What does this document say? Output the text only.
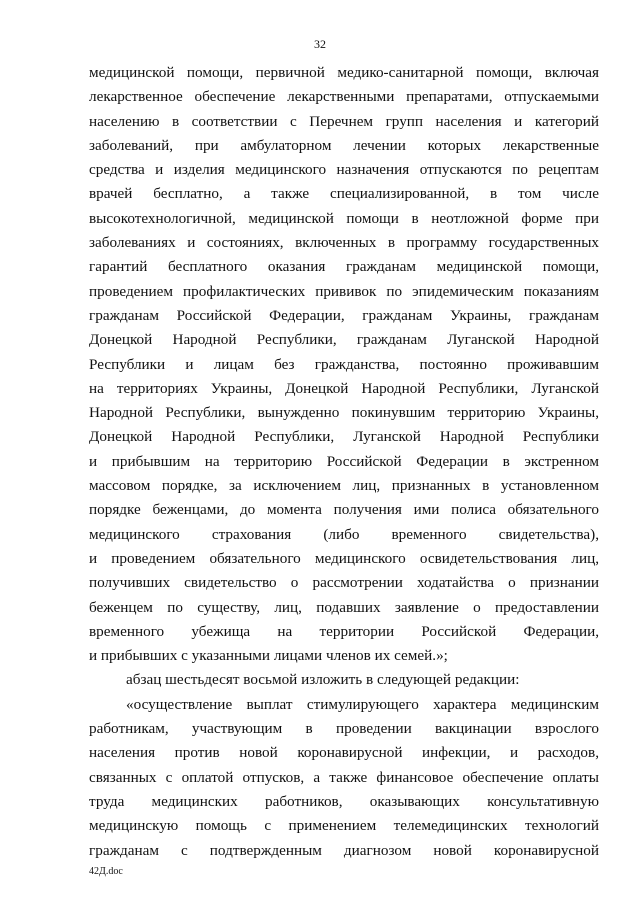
32
медицинской помощи, первичной медико-санитарной помощи, включая
лекарственное обеспечение лекарственными препаратами, отпускаемыми
населению в соответствии с Перечнем групп населения и категорий
заболеваний, при амбулаторном лечении которых лекарственные
средства и изделия медицинского назначения отпускаются по рецептам
врачей бесплатно, а также специализированной, в том числе
высокотехнологичной, медицинской помощи в неотложной форме при
заболеваниях и состояниях, включенных в программу государственных
гарантий бесплатного оказания гражданам медицинской помощи,
проведением профилактических прививок по эпидемическим показаниям
гражданам Российской Федерации, гражданам Украины, гражданам
Донецкой Народной Республики, гражданам Луганской Народной
Республики и лицам без гражданства, постоянно проживавшим
на территориях Украины, Донецкой Народной Республики, Луганской
Народной Республики, вынужденно покинувшим территорию Украины,
Донецкой Народной Республики, Луганской Народной Республики
и прибывшим на территорию Российской Федерации в экстренном
массовом порядке, за исключением лиц, признанных в установленном
порядке беженцами, до момента получения ими полиса обязательного
медицинского страхования (либо временного свидетельства),
и проведением обязательного медицинского освидетельствования лиц,
получивших свидетельство о рассмотрении ходатайства о признании
беженцем по существу, лиц, подавших заявление о предоставлении
временного убежища на территории Российской Федерации,
и прибывших с указанными лицами членов их семей.»;
абзац шестьдесят восьмой изложить в следующей редакции:
«осуществление выплат стимулирующего характера медицинским
работникам, участвующим в проведении вакцинации взрослого
населения против новой коронавирусной инфекции, и расходов,
связанных с оплатой отпусков, а также финансовое обеспечение оплаты
труда медицинских работников, оказывающих консультативную
медицинскую помощь с применением телемедицинских технологий
гражданам с подтвержденным диагнозом новой коронавирусной
42Д.doc
